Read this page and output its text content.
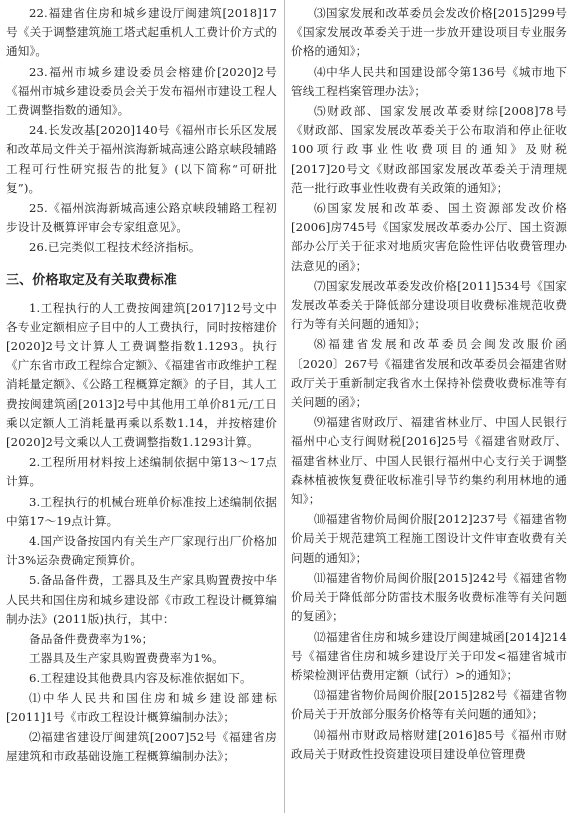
22.福建省住房和城乡建设厅闽建筑[2018]17号《关于调整建筑施工塔式起重机人工费计价方式的通知》。

23.福州市城乡建设委员会榕建价[2020]2号《福州市城乡建设委员会关于发布福州市建设工程人工费调整指数的通知》。

24.长发改基[2020]140号《福州市长乐区发展和改革局文件关于福州滨海新城高速公路京峡段辅路工程可行性研究报告的批复》(以下简称“可研批复”)。

25.《福州滨海新城高速公路京峡段辅路工程初步设计及概算评审会专家组意见》。

26.已完类似工程技术经济指标。

三、价格取定及有关取费标准

1.工程执行的人工费按闽建筑[2017]12号文中各专业定额相应子目中的人工费执行，同时按榕建价[2020]2号文计算人工费调整指数1.1293。执行《广东省市政工程综合定额》、《福建省市政维护工程消耗量定额》、《公路工程概算定额》的子目，其人工费按闽建筑函[2013]2号中其他用工单价81元/工日乘以定额人工消耗量再乘以系数1.14，并按榕建价[2020]2号文乘以人工费调整指数1.1293计算。

2.工程所用材料按上述编制依据中第13～17点计算。

3.工程执行的机械台班单价标准按上述编制依据中第17～19点计算。

4.国产设备按国内有关生产厂家现行出厂价格加计3%运杂费确定预算价。

5.备品备件费，工器具及生产家具购置费按中华人民共和国住房和城乡建设部《市政工程设计概算编制办法》(2011版)执行，其中：

备品备件费费率为1%；

工器具及生产家具购置费费率为1%。

6.工程建设其他费具内容及标准依据如下。

⑴中华人民共和国住房和城乡建设部建标[2011]1号《市政工程设计概算编制办法》；

⑵福建省建设厅闽建筑[2007]52号《福建省房屋建筑和市政基础设施工程概算编制办法》；

⑶国家发展和改革委员会发改价格[2015]299号《国家发展改革委关于进一步放开建设项目专业服务价格的通知》；

⑷中华人民共和国建设部令第136号《城市地下管线工程档案管理办法》；

⑸财政部、国家发展改革委财综[2008]78号《财政部、国家发展改革委关于公布取消和停止征收100项行政事业性收费项目的通知》及财税[2017]20号文《财政部国家发展改革委关于清理规范一批行政事业性收费有关政策的通知》；

⑹国家发展和改革委、国土资源部发改价格[2006]房745号《国家发展改革委办公厅、国土资源部办公厅关于征求对地质灾害危险性评估收费管理办法意见的函》；

⑺国家发展改革委发改价格[2011]534号《国家发展改革委关于降低部分建设项目收费标准规范收费行为等有关问题的通知》；

⑻福建省发展和改革委员会闽发改服价函〔2020〕267号《福建省发展和改革委员会福建省财政厅关于重新制定我省水土保持补偿费收费标准等有关问题的函》；

⑼福建省财政厅、福建省林业厅、中国人民银行福州中心支行闽财税[2016]25号《福建省财政厅、福建省林业厅、中国人民银行福州中心支行关于调整森林植被恢复费征收标准引导节约集约利用林地的通知》；

⑽福建省物价局闽价服[2012]237号《福建省物价局关于规范建筑工程施工图设计文件审查收费有关问题的通知》；

⑾福建省物价局闽价服[2015]242号《福建省物价局关于降低部分防雷技术服务收费标准等有关问题的复函》；

⑿福建省住房和城乡建设厅闽建城函[2014]214号《福建省住房和城乡建设厅关于印发<福建省城市桥梁检测评估费用定额（试行）>的通知》；

⒀福建省物价局闽价服[2015]282号《福建省物价局关于开放部分服务价格等有关问题的通知》；

⒁福州市财政局榕财建[2016]85号《福州市财政局关于财政性投资建设项目建设单位管理费
